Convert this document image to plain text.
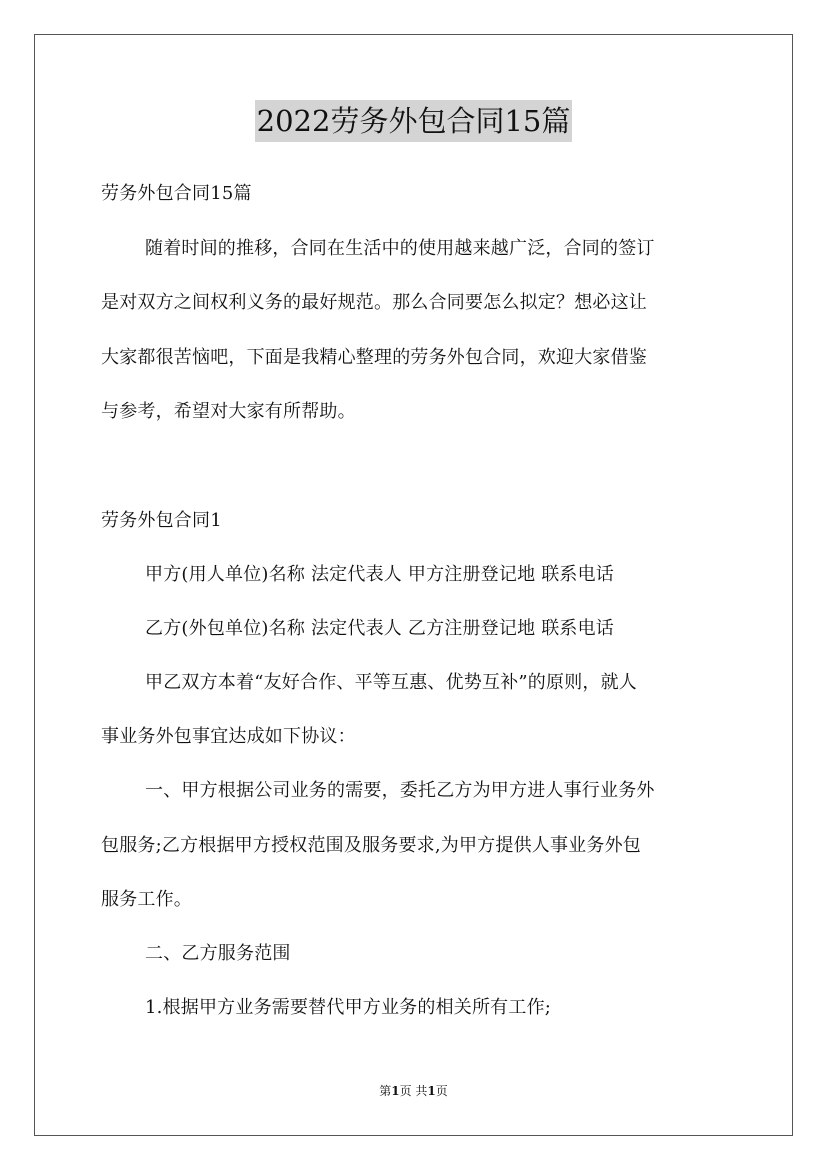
2022劳务外包合同15篇
劳务外包合同15篇
随着时间的推移，合同在生活中的使用越来越广泛，合同的签订
是对双方之间权利义务的最好规范。那么合同要怎么拟定？想必这让
大家都很苦恼吧，下面是我精心整理的劳务外包合同，欢迎大家借鉴
与参考，希望对大家有所帮助。
劳务外包合同1
甲方(用人单位)名称 法定代表人 甲方注册登记地 联系电话
乙方(外包单位)名称 法定代表人 乙方注册登记地 联系电话
甲乙双方本着“友好合作、平等互惠、优势互补”的原则，就人
事业务外包事宜达成如下协议：
一、甲方根据公司业务的需要，委托乙方为甲方进人事行业务外
包服务;乙方根据甲方授权范围及服务要求,为甲方提供人事业务外包
服务工作。
二、乙方服务范围
1.根据甲方业务需要替代甲方业务的相关所有工作;
第1页 共1页
